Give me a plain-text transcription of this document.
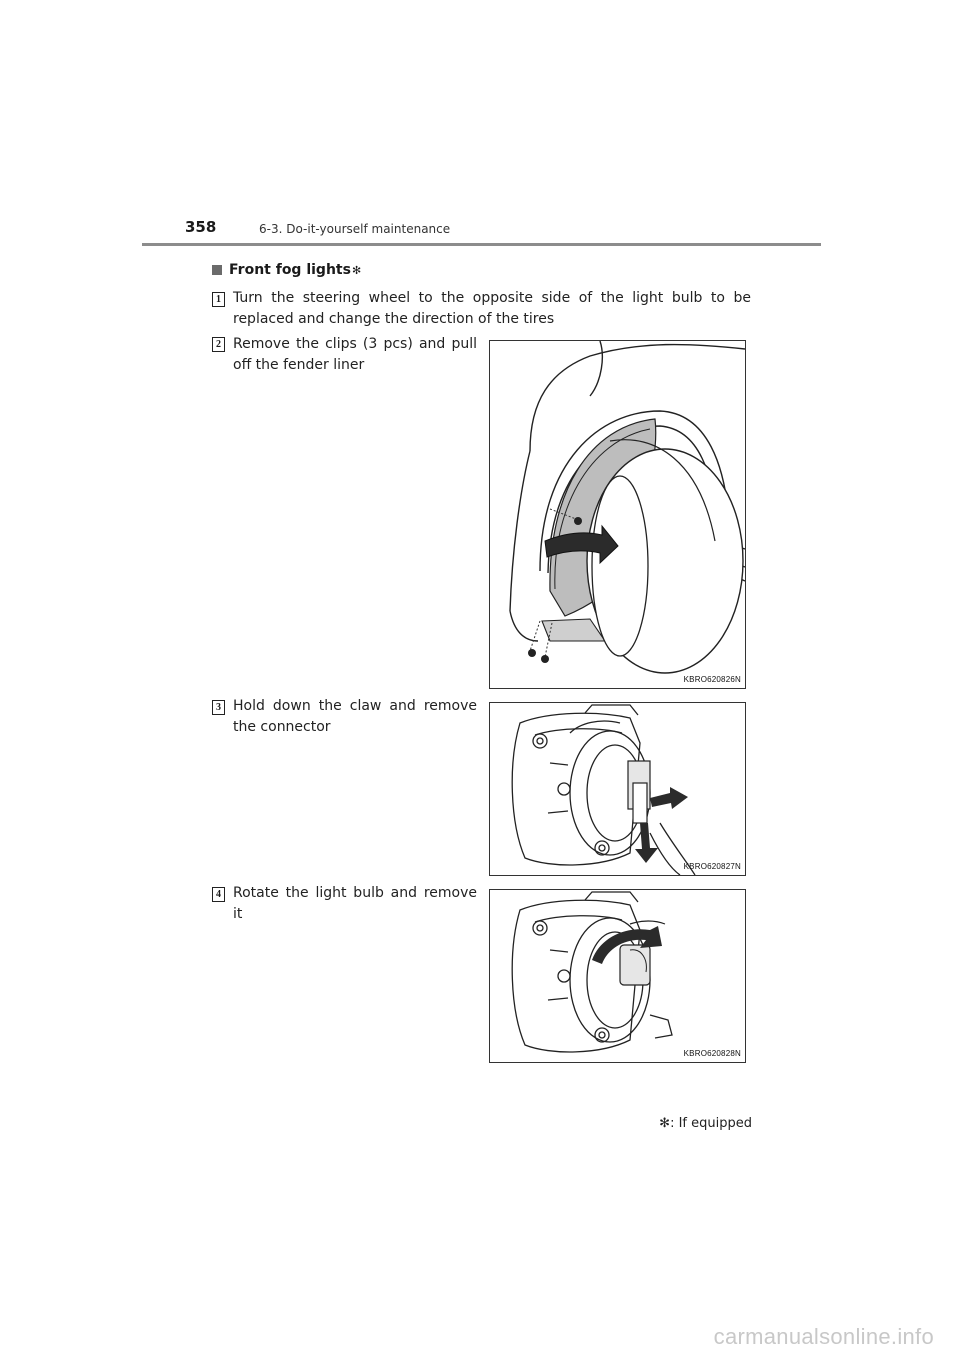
358	6-3. Do-it-yourself maintenance
Front fog lights ✻
1 Turn the steering wheel to the opposite side of the light bulb to be replaced and change the direction of the tires
2 Remove the clips (3 pcs) and pull off the fender liner
KBRO620826N
3 Hold down the claw and remove the connector
KBRO620827N
4 Rotate the light bulb and remove it
KBRO620828N
✻: If equipped
carmanualsonline.info
